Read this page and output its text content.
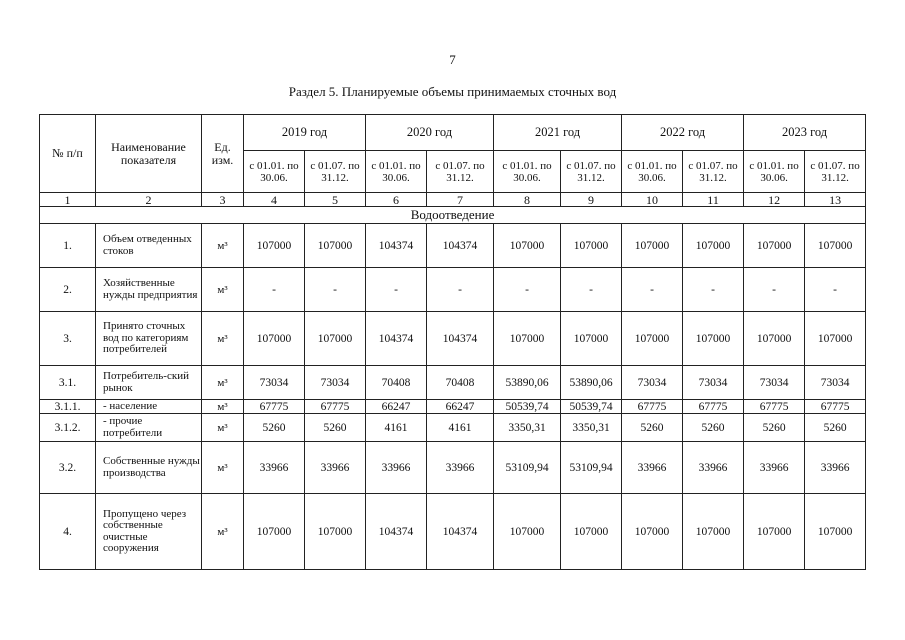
7
Раздел 5. Планируемые объемы принимаемых сточных вод
№ п/п	Наименование показателя	Ед. изм.	2019 год		2020 год		2021 год		2022 год		2023 год	
			с 01.01. по 30.06.	с 01.07. по 31.12.	с 01.01. по 30.06.	с 01.07. по 31.12.	с 01.01. по 30.06.	с 01.07. по 31.12.	с 01.01. по 30.06.	с 01.07. по 31.12.	с 01.01. по 30.06.	с 01.07. по 31.12.
1	2	3	4	5	6	7	8	9	10	11	12	13
Водоотведение												
1.	Объем отведенных стоков	м³	107000	107000	104374	104374	107000	107000	107000	107000	107000	107000
2.	Хозяйственные нужды предприятия	м³	-	-	-	-	-	-	-	-	-	-
3.	Принято сточных вод по категориям потребителей	м³	107000	107000	104374	104374	107000	107000	107000	107000	107000	107000
3.1.	Потребитель-ский рынок	м³	73034	73034	70408	70408	53890,06	53890,06	73034	73034	73034	73034
3.1.1.	- население	м³	67775	67775	66247	66247	50539,74	50539,74	67775	67775	67775	67775
3.1.2.	- прочие потребители	м³	5260	5260	4161	4161	3350,31	3350,31	5260	5260	5260	5260
3.2.	Собственные нужды производства	м³	33966	33966	33966	33966	53109,94	53109,94	33966	33966	33966	33966
4.	Пропущено через собственные очистные сооружения	м³	107000	107000	104374	104374	107000	107000	107000	107000	107000	107000
